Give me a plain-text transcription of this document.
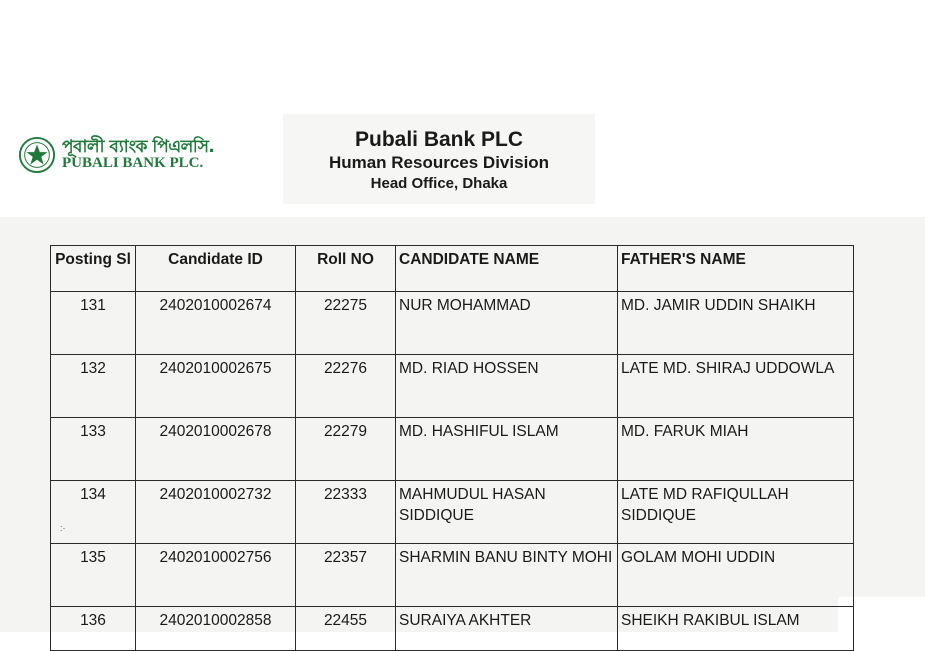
পূবালী ব্যাংক পিএলসি.
PUBALI BANK PLC.
Pubali Bank PLC
Human Resources Division
Head Office, Dhaka
:·
Posting Sl	Candidate ID	Roll NO	CANDIDATE NAME	FATHER'S NAME
131	2402010002674	22275	NUR MOHAMMAD	MD. JAMIR UDDIN SHAIKH
132	2402010002675	22276	MD. RIAD HOSSEN	LATE MD. SHIRAJ UDDOWLA
133	2402010002678	22279	MD. HASHIFUL ISLAM	MD. FARUK MIAH
134	2402010002732	22333	MAHMUDUL HASAN SIDDIQUE	LATE MD RAFIQULLAH SIDDIQUE
135	2402010002756	22357	SHARMIN BANU BINTY MOHI	GOLAM MOHI UDDIN
136	2402010002858	22455	SURAIYA AKHTER	SHEIKH RAKIBUL ISLAM
